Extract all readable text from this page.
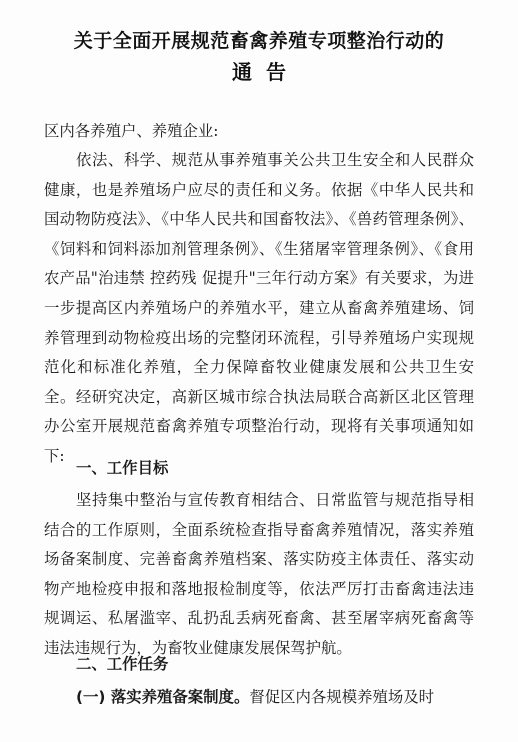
关于全面开展规范畜禽养殖专项整治行动的
通告
区内各养殖户、养殖企业:
依法、科学、规范从事养殖事关公共卫生安全和人民群众健康，也是养殖场户应尽的责任和义务。依据《中华人民共和国动物防疫法》、《中华人民共和国畜牧法》、《兽药管理条例》、《饲料和饲料添加剂管理条例》、《生猪屠宰管理条例》、《食用农产品"治违禁 控药残 促提升"三年行动方案》有关要求，为进一步提高区内养殖场户的养殖水平，建立从畜禽养殖建场、饲养管理到动物检疫出场的完整闭环流程，引导养殖场户实现规范化和标准化养殖，全力保障畜牧业健康发展和公共卫生安全。经研究决定，高新区城市综合执法局联合高新区北区管理办公室开展规范畜禽养殖专项整治行动，现将有关事项通知如下:
一、工作目标
坚持集中整治与宣传教育相结合、日常监管与规范指导相结合的工作原则，全面系统检查指导畜禽养殖情况，落实养殖场备案制度、完善畜禽养殖档案、落实防疫主体责任、落实动物产地检疫申报和落地报检制度等，依法严厉打击畜禽违法违规调运、私屠滥宰、乱扔乱丢病死畜禽、甚至屠宰病死畜禽等违法违规行为，为畜牧业健康发展保驾护航。
二、工作任务
(一) 落实养殖备案制度。督促区内各规模养殖场及时
